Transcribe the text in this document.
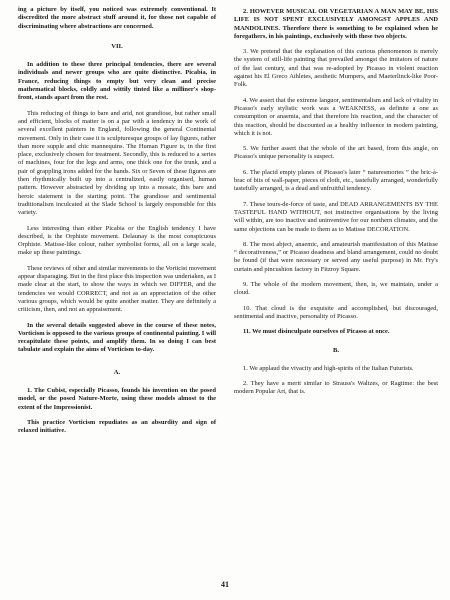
ing a picture by itself, you noticed was extremely conventional. It discredited the more abstract stuff around it, for those not capable of discriminating where abstractions are concerned.

VII.

In addition to these three principal tendencies, there are several individuals and newer groups who are quite distinctive. Picabia, in France, reducing things to empty but very clean and precise mathematical blocks, coldly and wittily tinted like a milliner's shop-front, stands apart from the rest.

This reducing of things to bare and arid, not grandiose, but rather small and efficient, blocks of matter is on a par with a tendency in the work of several excellent painters in England, following the general Continental movement. Only in their case it is sculpturesque groups of lay figures, rather than more supple and chic mannequins. The Human Figure is, in the first place, exclusively chosen for treatment. Secondly, this is reduced to a series of machines, four for the legs and arms, one thick one for the trunk, and a pair of grappling irons added for the hands. Six or Seven of these figures are then rhythmically built up into a centralized, easily organised, human pattern. However abstracted by dividing up into a mosaic, this bare and heroic statement is the starting point. The grandiose and sentimental traditionalism inculcated at the Slade School is largely responsible for this variety.

Less interesting than either Picabia or the English tendency I have described, is the Orphiste movement. Delaunay is the most conspicuous Orphiste. Matisse-like colour, rather symbolist forms, all on a large scale, make up these paintings.

These reviews of other and similar movements to the Vorticist movement appear disparaging. But in the first place this inspection was undertaken, as I made clear at the start, to show the ways in which we DIFFER, and the tendencies we would CORRECT, and not as an appreciation of the other various groups, which would be quite another matter. They are definitely a criticism, then, and not an appraisement.

In the several details suggested above in the course of these notes, Vorticism is opposed to the various groups of continental painting. I will recapitulate these points, and amplify them. In so doing I can best tabulate and explain the aims of Vorticism to-day.

A.

1. The Cubist, especially Picasso, founds his invention on the posed model, or the posed Nature-Morte, using these models almost to the extent of the Impressionist.

This practice Vorticism repudiates as an absurdity and sign of relaxed initiative.

2. HOWEVER MUSICAL OR VEGETARIAN A MAN MAY BE, HIS LIFE IS NOT SPENT EXCLUSIVELY AMONGST APPLES AND MANDOLINES. Therefore there is something to be explained when he foregathers, in his paintings, exclusively with these two objects.

3. We pretend that the explanation of this curious phenomenon is merely the system of still-life painting that prevailed amongst the imitators of nature of the last century, and that was re-adopted by Picasso in violent reaction against his El Greco Athletes, aesthetic Mumpers, and Maeterlinck-like Poor-Folk.

4. We assert that the extreme languor, sentimentalism and lack of vitality in Picasso's early stylistic work was a WEAKNESS, as definite a one as consumption or anaemia, and that therefore his reaction, and the character of this reaction, should be discounted as a healthy influence in modern painting, which it is not.

5. We further assert that the whole of the art based, from this angle, on Picasso's unique personality is suspect.

6. The placid empty planes of Picasso's later “ naturesmortes ” the bric-à-brac of bits of wall-paper, pieces of cloth, etc., tastefully arranged, wonderfully tastefully arranged, is a dead and unfruitful tendency.

7. These tours-de-force of taste, and DEAD ARRANGEMENTS BY THE TASTEFUL HAND WITHOUT, not instinctive organisations by the living will within, are too inactive and uninventive for our northern climates, and the same objections can be made to them as to Matisse DECORATION.

8. The most abject, anaemic, and amateurish manifestation of this Matisse “ decorativeness,” or Picasso deadness and bland arrangement, could no doubt be found (if that were necessary or served any useful purpose) in Mr. Fry's curtain and pincushion factory in Fitzroy Square.

9. The whole of the modern movement, then, is, we maintain, under a cloud.

10. That cloud is the exquisite and accomplished, but discouraged, sentimental and inactive, personality of Picasso.

11. We must disinculpate ourselves of Picasso at once.

B.

1. We applaud the vivacity and high-spirits of the Italian Futurists.

2. They have a merit similar to Strauss's Waltzes, or Ragtime: the best modern Popular Art, that is.

41
